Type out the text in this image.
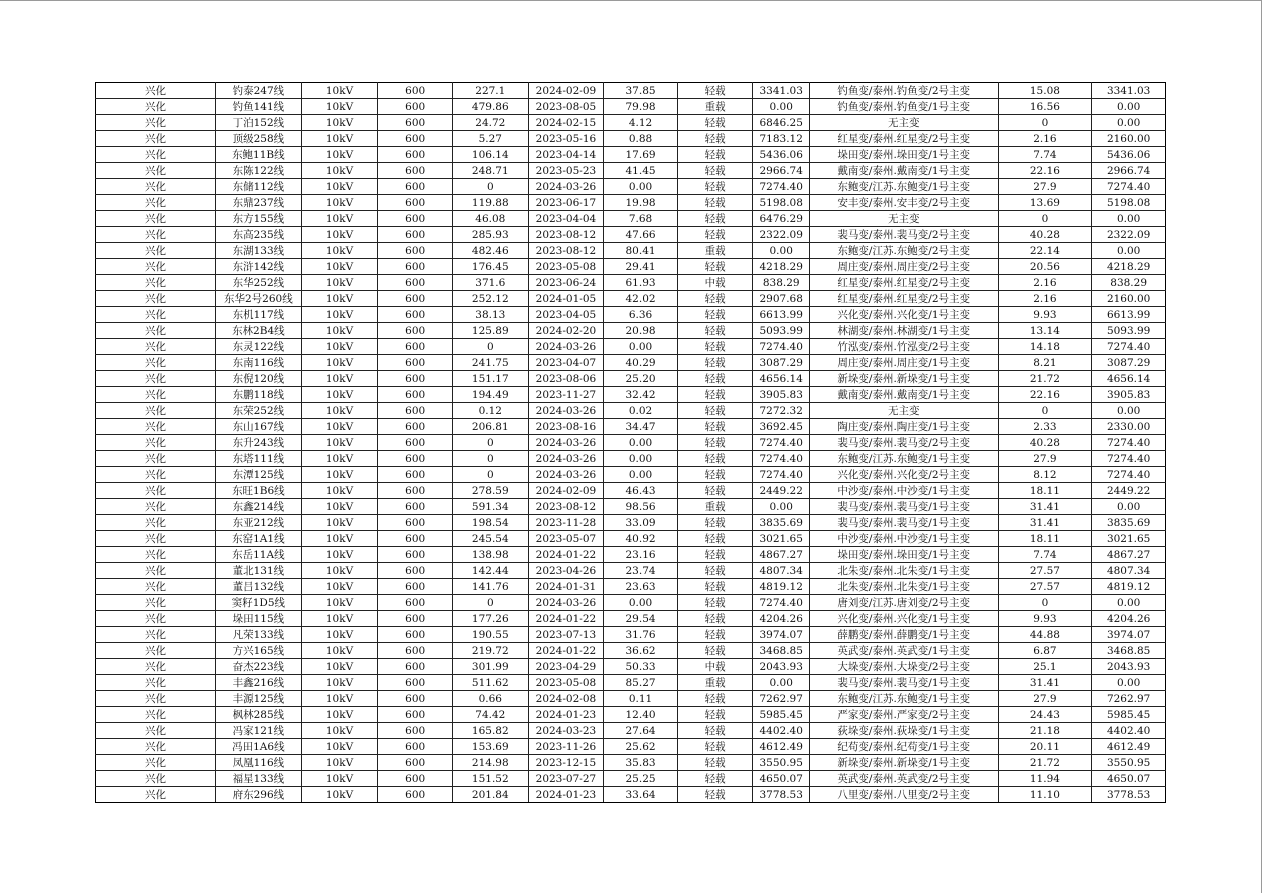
兴化	钓泰247线	10kV	600	227.1	2024-02-09	37.85	轻载	3341.03	钓鱼变/泰州.钓鱼变/2号主变	15.08	3341.03
兴化	钓鱼141线	10kV	600	479.86	2023-08-05	79.98	重载	0.00	钓鱼变/泰州.钓鱼变/1号主变	16.56	0.00
兴化	丁泊152线	10kV	600	24.72	2024-02-15	4.12	轻载	6846.25	无主变	0	0.00
兴化	顶级258线	10kV	600	5.27	2023-05-16	0.88	轻载	7183.12	红星变/泰州.红星变/2号主变	2.16	2160.00
兴化	东鲍11B线	10kV	600	106.14	2023-04-14	17.69	轻载	5436.06	垛田变/泰州.垛田变/1号主变	7.74	5436.06
兴化	东陈122线	10kV	600	248.71	2023-05-23	41.45	轻载	2966.74	戴南变/泰州.戴南变/1号主变	22.16	2966.74
兴化	东储112线	10kV	600	0	2024-03-26	0.00	轻载	7274.40	东鲍变/江苏.东鲍变/1号主变	27.9	7274.40
兴化	东鼎237线	10kV	600	119.88	2023-06-17	19.98	轻载	5198.08	安丰变/泰州.安丰变/2号主变	13.69	5198.08
兴化	东方155线	10kV	600	46.08	2023-04-04	7.68	轻载	6476.29	无主变	0	0.00
兴化	东高235线	10kV	600	285.93	2023-08-12	47.66	轻载	2322.09	裴马变/泰州.裴马变/2号主变	40.28	2322.09
兴化	东湖133线	10kV	600	482.46	2023-08-12	80.41	重载	0.00	东鲍变/江苏.东鲍变/2号主变	22.14	0.00
兴化	东浒142线	10kV	600	176.45	2023-05-08	29.41	轻载	4218.29	周庄变/泰州.周庄变/2号主变	20.56	4218.29
兴化	东华252线	10kV	600	371.6	2023-06-24	61.93	中载	838.29	红星变/泰州.红星变/2号主变	2.16	838.29
兴化	东华2号260线	10kV	600	252.12	2024-01-05	42.02	轻载	2907.68	红星变/泰州.红星变/2号主变	2.16	2160.00
兴化	东机117线	10kV	600	38.13	2023-04-05	6.36	轻载	6613.99	兴化变/泰州.兴化变/1号主变	9.93	6613.99
兴化	东林2B4线	10kV	600	125.89	2024-02-20	20.98	轻载	5093.99	林湖变/泰州.林湖变/1号主变	13.14	5093.99
兴化	东灵122线	10kV	600	0	2024-03-26	0.00	轻载	7274.40	竹泓变/泰州.竹泓变/2号主变	14.18	7274.40
兴化	东南116线	10kV	600	241.75	2023-04-07	40.29	轻载	3087.29	周庄变/泰州.周庄变/1号主变	8.21	3087.29
兴化	东倪120线	10kV	600	151.17	2023-08-06	25.20	轻载	4656.14	新垛变/泰州.新垛变/1号主变	21.72	4656.14
兴化	东鹏118线	10kV	600	194.49	2023-11-27	32.42	轻载	3905.83	戴南变/泰州.戴南变/1号主变	22.16	3905.83
兴化	东荣252线	10kV	600	0.12	2024-03-26	0.02	轻载	7272.32	无主变	0	0.00
兴化	东山167线	10kV	600	206.81	2023-08-16	34.47	轻载	3692.45	陶庄变/泰州.陶庄变/1号主变	2.33	2330.00
兴化	东升243线	10kV	600	0	2024-03-26	0.00	轻载	7274.40	裴马变/泰州.裴马变/2号主变	40.28	7274.40
兴化	东塔111线	10kV	600	0	2024-03-26	0.00	轻载	7274.40	东鲍变/江苏.东鲍变/1号主变	27.9	7274.40
兴化	东潭125线	10kV	600	0	2024-03-26	0.00	轻载	7274.40	兴化变/泰州.兴化变/2号主变	8.12	7274.40
兴化	东旺1B6线	10kV	600	278.59	2024-02-09	46.43	轻载	2449.22	中沙变/泰州.中沙变/1号主变	18.11	2449.22
兴化	东鑫214线	10kV	600	591.34	2023-08-12	98.56	重载	0.00	裴马变/泰州.裴马变/1号主变	31.41	0.00
兴化	东亚212线	10kV	600	198.54	2023-11-28	33.09	轻载	3835.69	裴马变/泰州.裴马变/1号主变	31.41	3835.69
兴化	东窑1A1线	10kV	600	245.54	2023-05-07	40.92	轻载	3021.65	中沙变/泰州.中沙变/1号主变	18.11	3021.65
兴化	东岳11A线	10kV	600	138.98	2024-01-22	23.16	轻载	4867.27	垛田变/泰州.垛田变/1号主变	7.74	4867.27
兴化	董北131线	10kV	600	142.44	2023-04-26	23.74	轻载	4807.34	北朱变/泰州.北朱变/1号主变	27.57	4807.34
兴化	董吕132线	10kV	600	141.76	2024-01-31	23.63	轻载	4819.12	北朱变/泰州.北朱变/1号主变	27.57	4819.12
兴化	窦籽1D5线	10kV	600	0	2024-03-26	0.00	轻载	7274.40	唐刘变/江苏.唐刘变/2号主变	0	0.00
兴化	垛田115线	10kV	600	177.26	2024-01-22	29.54	轻载	4204.26	兴化变/泰州.兴化变/1号主变	9.93	4204.26
兴化	凡荣133线	10kV	600	190.55	2023-07-13	31.76	轻载	3974.07	薛鹏变/泰州.薛鹏变/1号主变	44.88	3974.07
兴化	方兴165线	10kV	600	219.72	2024-01-22	36.62	轻载	3468.85	英武变/泰州.英武变/1号主变	6.87	3468.85
兴化	奋杰223线	10kV	600	301.99	2023-04-29	50.33	中载	2043.93	大垛变/泰州.大垛变/2号主变	25.1	2043.93
兴化	丰鑫216线	10kV	600	511.62	2023-05-08	85.27	重载	0.00	裴马变/泰州.裴马变/1号主变	31.41	0.00
兴化	丰源125线	10kV	600	0.66	2024-02-08	0.11	轻载	7262.97	东鲍变/江苏.东鲍变/1号主变	27.9	7262.97
兴化	枫林285线	10kV	600	74.42	2024-01-23	12.40	轻载	5985.45	严家变/泰州.严家变/2号主变	24.43	5985.45
兴化	冯家121线	10kV	600	165.82	2024-03-23	27.64	轻载	4402.40	荻垛变/泰州.荻垛变/1号主变	21.18	4402.40
兴化	冯田1A6线	10kV	600	153.69	2023-11-26	25.62	轻载	4612.49	纪苟变/泰州.纪苟变/1号主变	20.11	4612.49
兴化	凤凰116线	10kV	600	214.98	2023-12-15	35.83	轻载	3550.95	新垛变/泰州.新垛变/1号主变	21.72	3550.95
兴化	福星133线	10kV	600	151.52	2023-07-27	25.25	轻载	4650.07	英武变/泰州.英武变/2号主变	11.94	4650.07
兴化	府东296线	10kV	600	201.84	2024-01-23	33.64	轻载	3778.53	八里变/泰州.八里变/2号主变	11.10	3778.53
